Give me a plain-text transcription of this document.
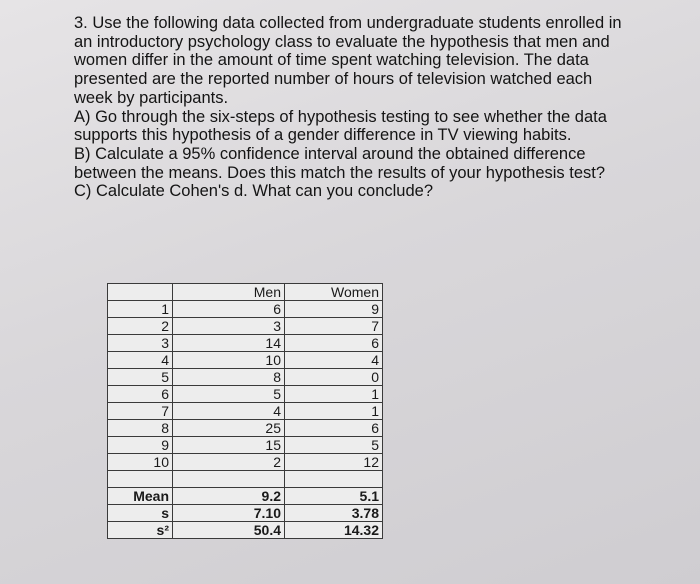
3. Use the following data collected from undergraduate students enrolled in an introductory psychology class to evaluate the hypothesis that men and women differ in the amount of time spent watching television. The data presented are the reported number of hours of television watched each week by participants.

A) Go through the six-steps of hypothesis testing to see whether the data supports this hypothesis of a gender difference in TV viewing habits.

B) Calculate a 95% confidence interval around the obtained difference between the means. Does this match the results of your hypothesis test?

C) Calculate Cohen's d. What can you conclude?

	Men	Women
1	6	9
2	3	7
3	14	6
4	10	4
5	8	0
6	5	1
7	4	1
8	25	6
9	15	5
10	2	12

Mean	9.2	5.1
s	7.10	3.78
s²	50.4	14.32
